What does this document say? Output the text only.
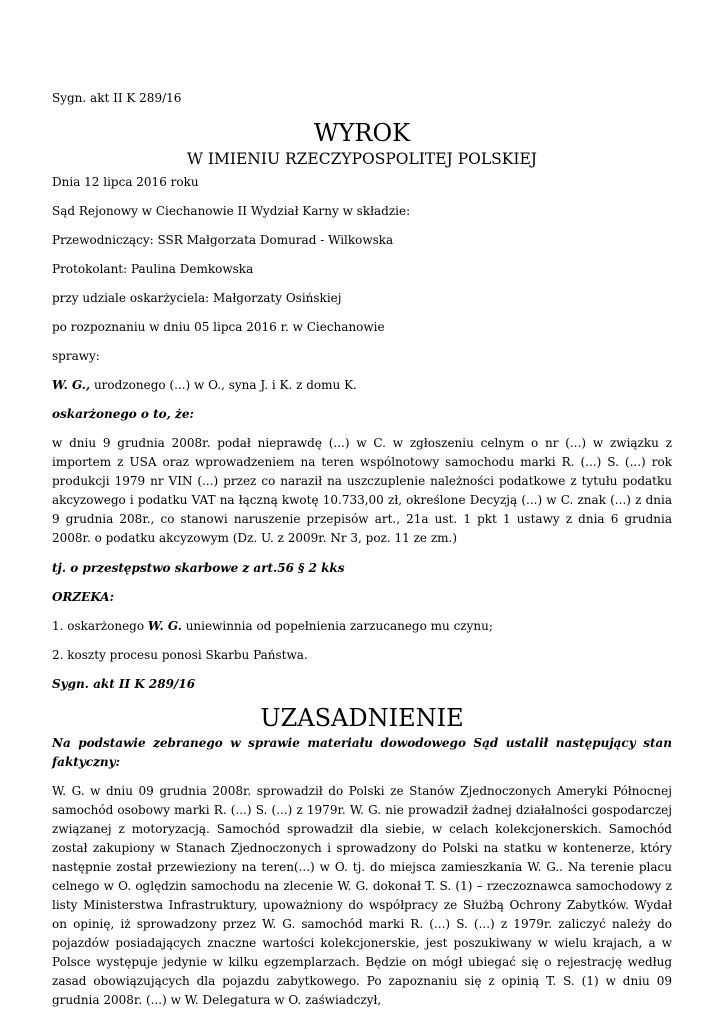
Sygn. akt II K 289/16

WYROK

W IMIENIU RZECZYPOSPOLITEJ POLSKIEJ

Dnia 12 lipca 2016 roku

Sąd Rejonowy w Ciechanowie II Wydział Karny w składzie:

Przewodniczący: SSR Małgorzata Domurad - Wilkowska

Protokolant: Paulina Demkowska

przy udziale oskarżyciela: Małgorzaty Osińskiej

po rozpoznaniu w dniu 05 lipca 2016 r. w Ciechanowie

sprawy:

W. G., urodzonego (...) w O., syna J. i K. z domu K.

oskarżonego o to, że:

w dniu 9 grudnia 2008r. podał nieprawdę (...) w C. w zgłoszeniu celnym o nr (...) w związku z importem z USA oraz wprowadzeniem na teren wspólnotowy samochodu marki R. (...) S. (...) rok produkcji 1979 nr VIN (...) przez co naraził na uszczuplenie należności podatkowe z tytułu podatku akcyzowego i podatku VAT na łączną kwotę 10.733,00 zł, określone Decyzją (...) w C. znak (...) z dnia 9 grudnia 208r., co stanowi naruszenie przepisów art., 21a ust. 1 pkt 1 ustawy z dnia 6 grudnia 2008r. o podatku akcyzowym (Dz. U. z 2009r. Nr 3, poz. 11 ze zm.)

tj. o przestępstwo skarbowe z art.56 § 2 kks

ORZEKA:

1. oskarżonego W. G. uniewinnia od popełnienia zarzucanego mu czynu;
2. koszty procesu ponosi Skarbu Państwa.

Sygn. akt II K 289/16

UZASADNIENIE

Na podstawie zebranego w sprawie materiału dowodowego Sąd ustalił następujący stan faktyczny:

W. G. w dniu 09 grudnia 2008r. sprowadził do Polski ze Stanów Zjednoczonych Ameryki Północnej samochód osobowy marki R. (...) S. (...) z 1979r. W. G. nie prowadził żadnej działalności gospodarczej związanej z motoryzacją. Samochód sprowadził dla siebie, w celach kolekcjonerskich. Samochód został zakupiony w Stanach Zjednoczonych i sprowadzony do Polski na statku w kontenerze, który następnie został przewieziony na teren(...) w O. tj. do miejsca zamieszkania W. G.. Na terenie placu celnego w O. oględzin samochodu na zlecenie W. G. dokonał T. S. (1) – rzeczoznawca samochodowy z listy Ministerstwa Infrastruktury, upoważniony do współpracy ze Służbą Ochrony Zabytków. Wydał on opinię, iż sprowadzony przez W. G. samochód marki R. (...) S. (...) z 1979r. zaliczyć należy do pojazdów posiadających znaczne wartości kolekcjonerskie, jest poszukiwany w wielu krajach, a w Polsce występuje jedynie w kilku egzemplarzach. Będzie on mógł ubiegać się o rejestrację według zasad obowiązujących dla pojazdu zabytkowego. Po zapoznaniu się z opinią T. S. (1) w dniu 09 grudnia 2008r. (...) w W. Delegatura w O. zaświadczył,
